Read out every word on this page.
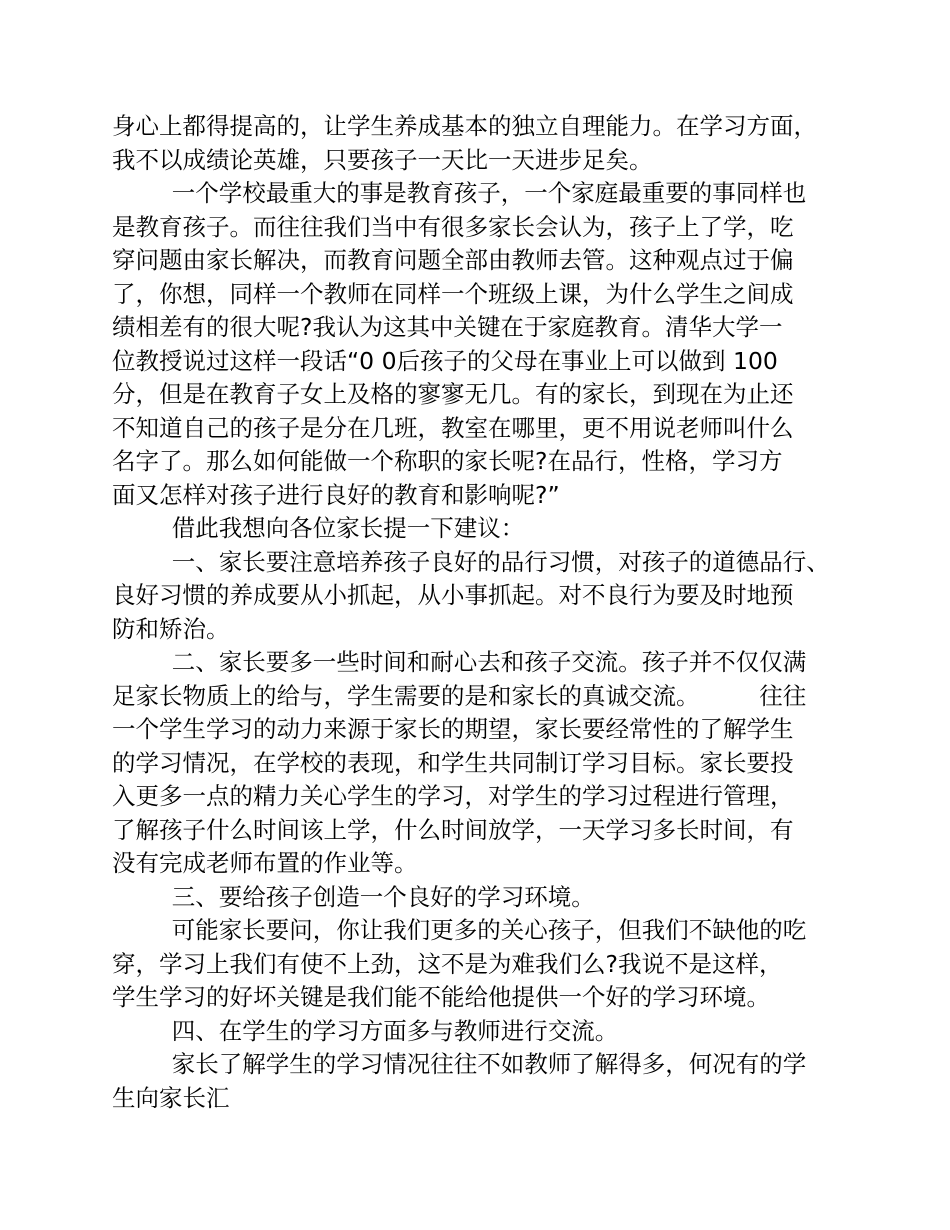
身心上都得提高的，让学生养成基本的独立自理能力。在学习方面，
我不以成绩论英雄，只要孩子一天比一天进步足矣。
一个学校最重大的事是教育孩子，一个家庭最重要的事同样也
是教育孩子。而往往我们当中有很多家长会认为，孩子上了学，吃
穿问题由家长解决，而教育问题全部由教师去管。这种观点过于偏
了，你想，同样一个教师在同样一个班级上课，为什么学生之间成
绩相差有的很大呢?我认为这其中关键在于家庭教育。清华大学一
位教授说过这样一段话“0 0后孩子的父母在事业上可以做到 100
分，但是在教育子女上及格的寥寥无几。有的家长，到现在为止还
不知道自己的孩子是分在几班，教室在哪里，更不用说老师叫什么
名字了。那么如何能做一个称职的家长呢?在品行，性格，学习方
面又怎样对孩子进行良好的教育和影响呢?”
借此我想向各位家长提一下建议：
一、家长要注意培养孩子良好的品行习惯，对孩子的道德品行、
良好习惯的养成要从小抓起，从小事抓起。对不良行为要及时地预
防和矫治。
二、家长要多一些时间和耐心去和孩子交流。孩子并不仅仅满
足家长物质上的给与，学生需要的是和家长的真诚交流。        往往
一个学生学习的动力来源于家长的期望，家长要经常性的了解学生
的学习情况，在学校的表现，和学生共同制订学习目标。家长要投
入更多一点的精力关心学生的学习，对学生的学习过程进行管理，
了解孩子什么时间该上学，什么时间放学，一天学习多长时间，有
没有完成老师布置的作业等。
三、要给孩子创造一个良好的学习环境。
可能家长要问，你让我们更多的关心孩子，但我们不缺他的吃
穿，学习上我们有使不上劲，这不是为难我们么?我说不是这样，
学生学习的好坏关键是我们能不能给他提供一个好的学习环境。
四、在学生的学习方面多与教师进行交流。
家长了解学生的学习情况往往不如教师了解得多，何况有的学
生向家长汇
